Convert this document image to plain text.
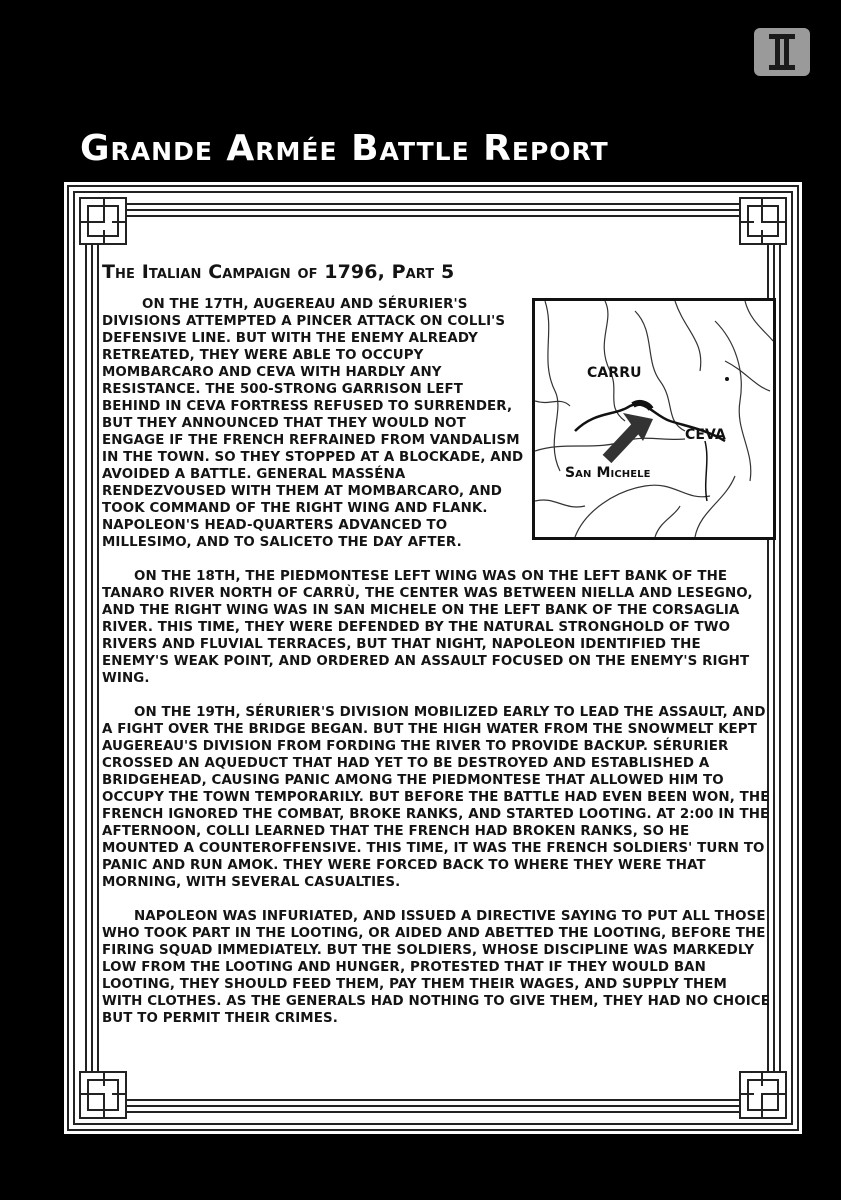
Grande Armée Battle Report
The Italian Campaign of 1796, Part 5
CARRU
CEVA
San Michele

ON THE 17TH, AUGEREAU AND SÉRURIER'S DIVISIONS ATTEMPTED A PINCER ATTACK ON COLLI'S DEFENSIVE LINE. BUT WITH THE ENEMY ALREADY RETREATED, THEY WERE ABLE TO OCCUPY MOMBARCARO AND CEVA WITH HARDLY ANY RESISTANCE. THE 500-STRONG GARRISON LEFT BEHIND IN CEVA FORTRESS REFUSED TO SURRENDER, BUT THEY ANNOUNCED THAT THEY WOULD NOT ENGAGE IF THE FRENCH REFRAINED FROM VANDALISM IN THE TOWN. SO THEY STOPPED AT A BLOCKADE, AND AVOIDED A BATTLE. GENERAL MASSÉNA RENDEZVOUSED WITH THEM AT MOMBARCARO, AND TOOK COMMAND OF THE RIGHT WING AND FLANK. NAPOLEON'S HEAD-QUARTERS ADVANCED TO MILLESIMO, AND TO SALICETO THE DAY AFTER.

ON THE 18TH, THE PIEDMONTESE LEFT WING WAS ON THE LEFT BANK OF THE TANARO RIVER NORTH OF CARRÙ, THE CENTER WAS BETWEEN NIELLA AND LESEGNO, AND THE RIGHT WING WAS IN SAN MICHELE ON THE LEFT BANK OF THE CORSAGLIA RIVER. THIS TIME, THEY WERE DEFENDED BY THE NATURAL STRONGHOLD OF TWO RIVERS AND FLUVIAL TERRACES, BUT THAT NIGHT, NAPOLEON IDENTIFIED THE ENEMY'S WEAK POINT, AND ORDERED AN ASSAULT FOCUSED ON THE ENEMY'S RIGHT WING.

ON THE 19TH, SÉRURIER'S DIVISION MOBILIZED EARLY TO LEAD THE ASSAULT, AND A FIGHT OVER THE BRIDGE BEGAN. BUT THE HIGH WATER FROM THE SNOWMELT KEPT AUGEREAU'S DIVISION FROM FORDING THE RIVER TO PROVIDE BACKUP. SÉRURIER CROSSED AN AQUEDUCT THAT HAD YET TO BE DESTROYED AND ESTABLISHED A BRIDGEHEAD, CAUSING PANIC AMONG THE PIEDMONTESE THAT ALLOWED HIM TO OCCUPY THE TOWN TEMPORARILY. BUT BEFORE THE BATTLE HAD EVEN BEEN WON, THE FRENCH IGNORED THE COMBAT, BROKE RANKS, AND STARTED LOOTING. AT 2:00 IN THE AFTERNOON, COLLI LEARNED THAT THE FRENCH HAD BROKEN RANKS, SO HE MOUNTED A COUNTEROFFENSIVE. THIS TIME, IT WAS THE FRENCH SOLDIERS' TURN TO PANIC AND RUN AMOK. THEY WERE FORCED BACK TO WHERE THEY WERE THAT MORNING, WITH SEVERAL CASUALTIES.

NAPOLEON WAS INFURIATED, AND ISSUED A DIRECTIVE SAYING TO PUT ALL THOSE WHO TOOK PART IN THE LOOTING, OR AIDED AND ABETTED THE LOOTING, BEFORE THE FIRING SQUAD IMMEDIATELY. BUT THE SOLDIERS, WHOSE DISCIPLINE WAS MARKEDLY LOW FROM THE LOOTING AND HUNGER, PROTESTED THAT IF THEY WOULD BAN LOOTING, THEY SHOULD FEED THEM, PAY THEM THEIR WAGES, AND SUPPLY THEM WITH CLOTHES. AS THE GENERALS HAD NOTHING TO GIVE THEM, THEY HAD NO CHOICE BUT TO PERMIT THEIR CRIMES.
